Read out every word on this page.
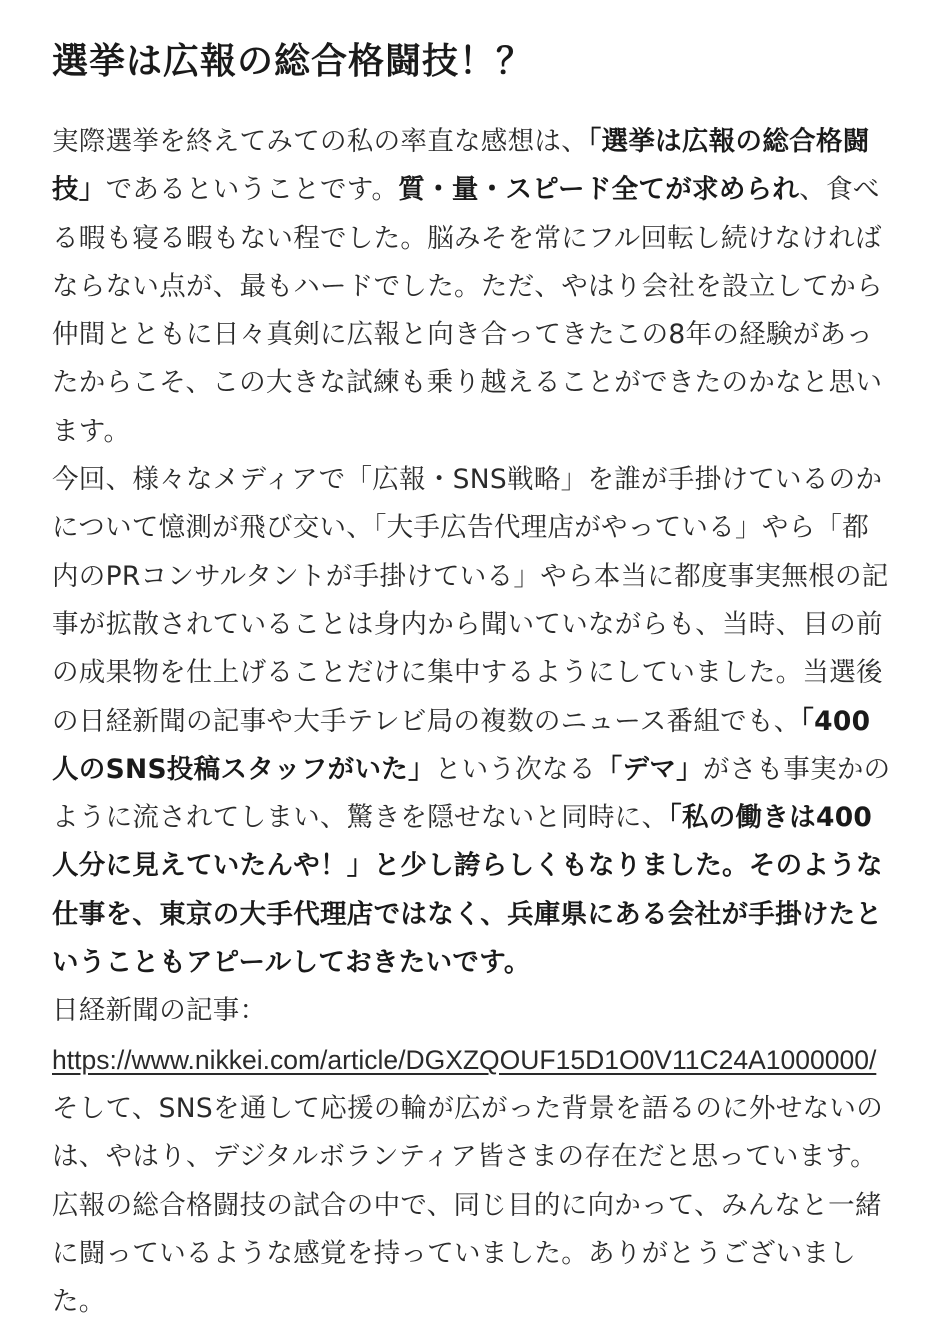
選挙は広報の総合格闘技！？

実際選挙を終えてみての私の率直な感想は、「選挙は広報の総合格闘技」であるということです。質・量・スピード全てが求められ、食べる暇も寝る暇もない程でした。脳みそを常にフル回転し続けなければならない点が、最もハードでした。ただ、やはり会社を設立してから仲間とともに日々真剣に広報と向き合ってきたこの8年の経験があったからこそ、この大きな試練も乗り越えることができたのかなと思います。

今回、様々なメディアで「広報・SNS戦略」を誰が手掛けているのかについて憶測が飛び交い、「大手広告代理店がやっている」やら「都内のPRコンサルタントが手掛けている」やら本当に都度事実無根の記事が拡散されていることは身内から聞いていながらも、当時、目の前の成果物を仕上げることだけに集中するようにしていました。当選後の日経新聞の記事や大手テレビ局の複数のニュース番組でも、「400人のSNS投稿スタッフがいた」という次なる「デマ」がさも事実かのように流されてしまい、驚きを隠せないと同時に、「私の働きは400人分に見えていたんや！」と少し誇らしくもなりました。そのような仕事を、東京の大手代理店ではなく、兵庫県にある会社が手掛けたということもアピールしておきたいです。

日経新聞の記事：

https://www.nikkei.com/article/DGXZQOUF15D1O0V11C24A1000000/

そして、SNSを通して応援の輪が広がった背景を語るのに外せないのは、やはり、デジタルボランティア皆さまの存在だと思っています。広報の総合格闘技の試合の中で、同じ目的に向かって、みんなと一緒に闘っているような感覚を持っていました。ありがとうございました。
